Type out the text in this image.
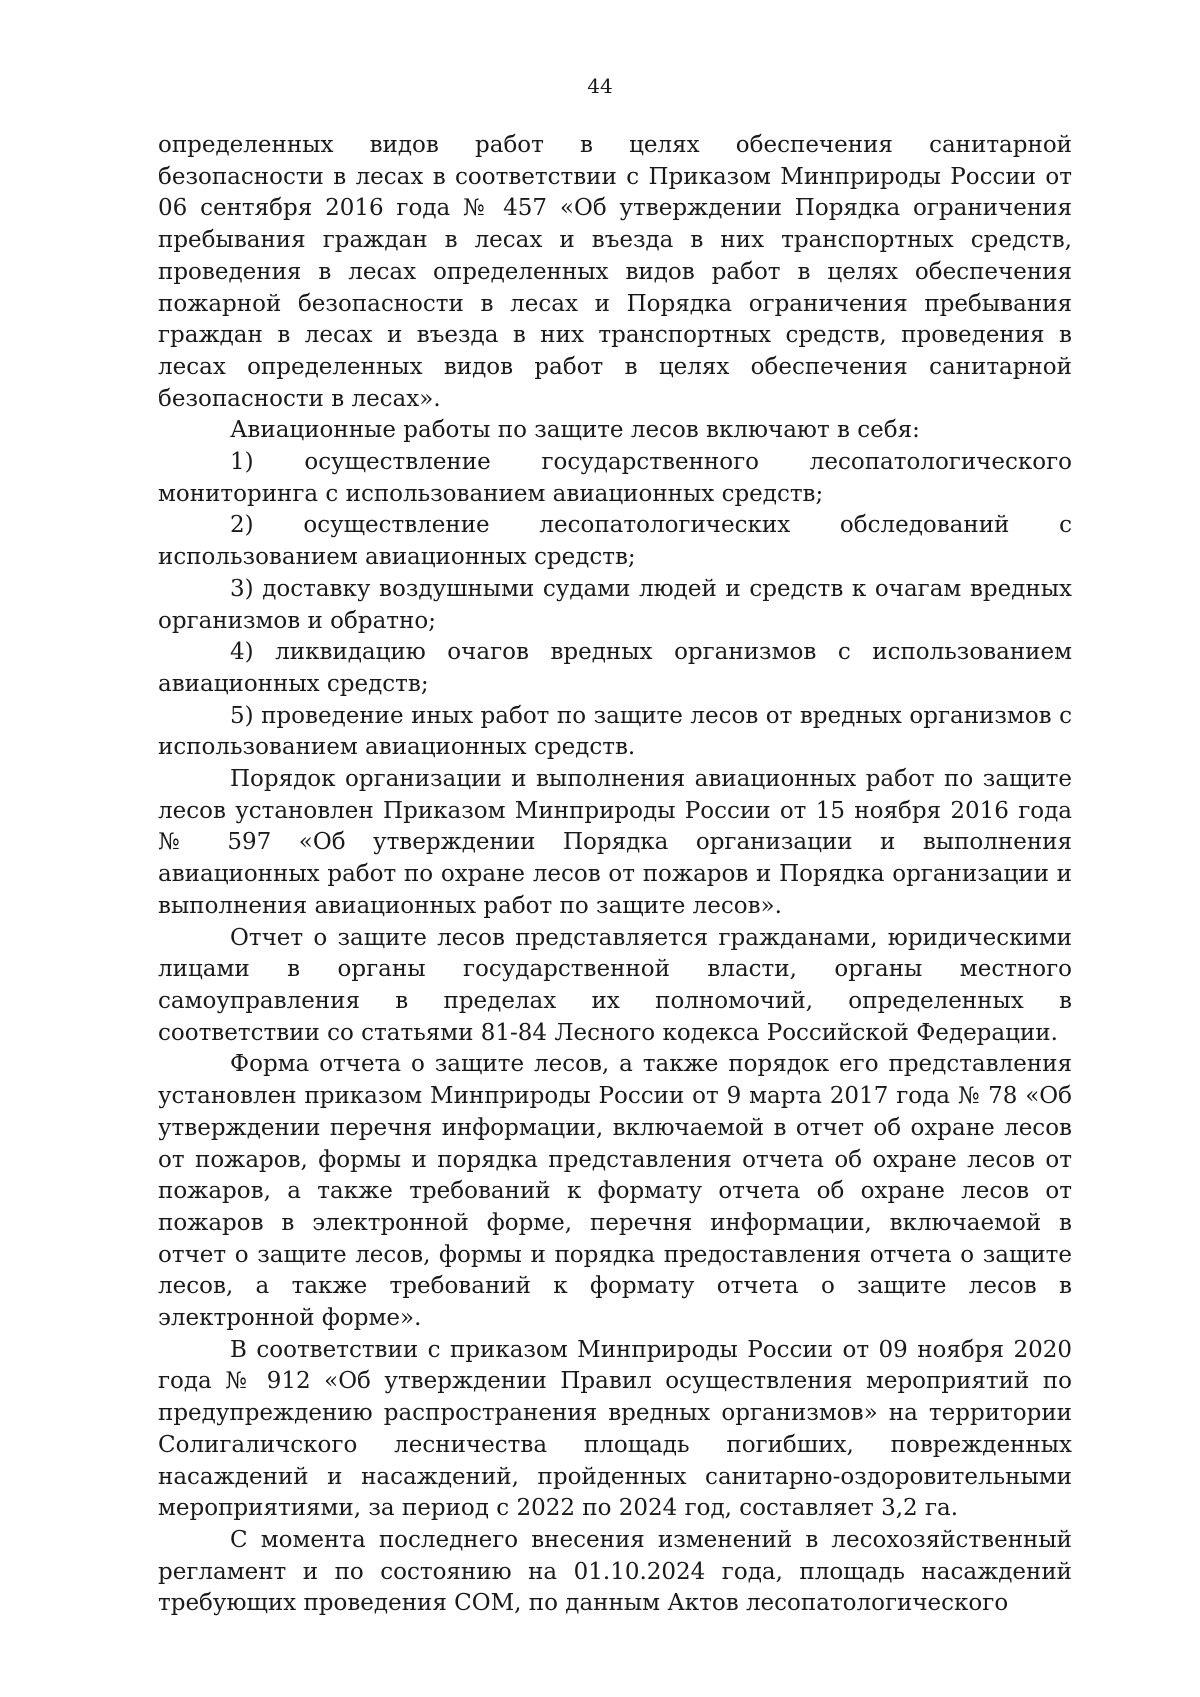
44

определенных видов работ в целях обеспечения санитарной безопасности в лесах в соответствии с Приказом Минприроды России от 06 сентября 2016 года № 457 «Об утверждении Порядка ограничения пребывания граждан в лесах и въезда в них транспортных средств, проведения в лесах определенных видов работ в целях обеспечения пожарной безопасности в лесах и Порядка ограничения пребывания граждан в лесах и въезда в них транспортных средств, проведения в лесах определенных видов работ в целях обеспечения санитарной безопасности в лесах».

Авиационные работы по защите лесов включают в себя:

1) осуществление государственного лесопатологического мониторинга с использованием авиационных средств;

2) осуществление лесопатологических обследований с использованием авиационных средств;

3) доставку воздушными судами людей и средств к очагам вредных организмов и обратно;

4) ликвидацию очагов вредных организмов с использованием авиационных средств;

5) проведение иных работ по защите лесов от вредных организмов с использованием авиационных средств.

Порядок организации и выполнения авиационных работ по защите лесов установлен Приказом Минприроды России от 15 ноября 2016 года № 597 «Об утверждении Порядка организации и выполнения авиационных работ по охране лесов от пожаров и Порядка организации и выполнения авиационных работ по защите лесов».

Отчет о защите лесов представляется гражданами, юридическими лицами в органы государственной власти, органы местного самоуправления в пределах их полномочий, определенных в соответствии со статьями 81-84 Лесного кодекса Российской Федерации.

Форма отчета о защите лесов, а также порядок его представления установлен приказом Минприроды России от 9 марта 2017 года № 78 «Об утверждении перечня информации, включаемой в отчет об охране лесов от пожаров, формы и порядка представления отчета об охране лесов от пожаров, а также требований к формату отчета об охране лесов от пожаров в электронной форме, перечня информации, включаемой в отчет о защите лесов, формы и порядка предоставления отчета о защите лесов, а также требований к формату отчета о защите лесов в электронной форме».

В соответствии с приказом Минприроды России от 09 ноября 2020 года № 912 «Об утверждении Правил осуществления мероприятий по предупреждению распространения вредных организмов» на территории Солигаличского лесничества площадь погибших, поврежденных насаждений и насаждений, пройденных санитарно-оздоровительными мероприятиями, за период с 2022 по 2024 год, составляет 3,2 га.

С момента последнего внесения изменений в лесохозяйственный регламент и по состоянию на 01.10.2024 года, площадь насаждений требующих проведения СОМ, по данным Актов лесопатологического
